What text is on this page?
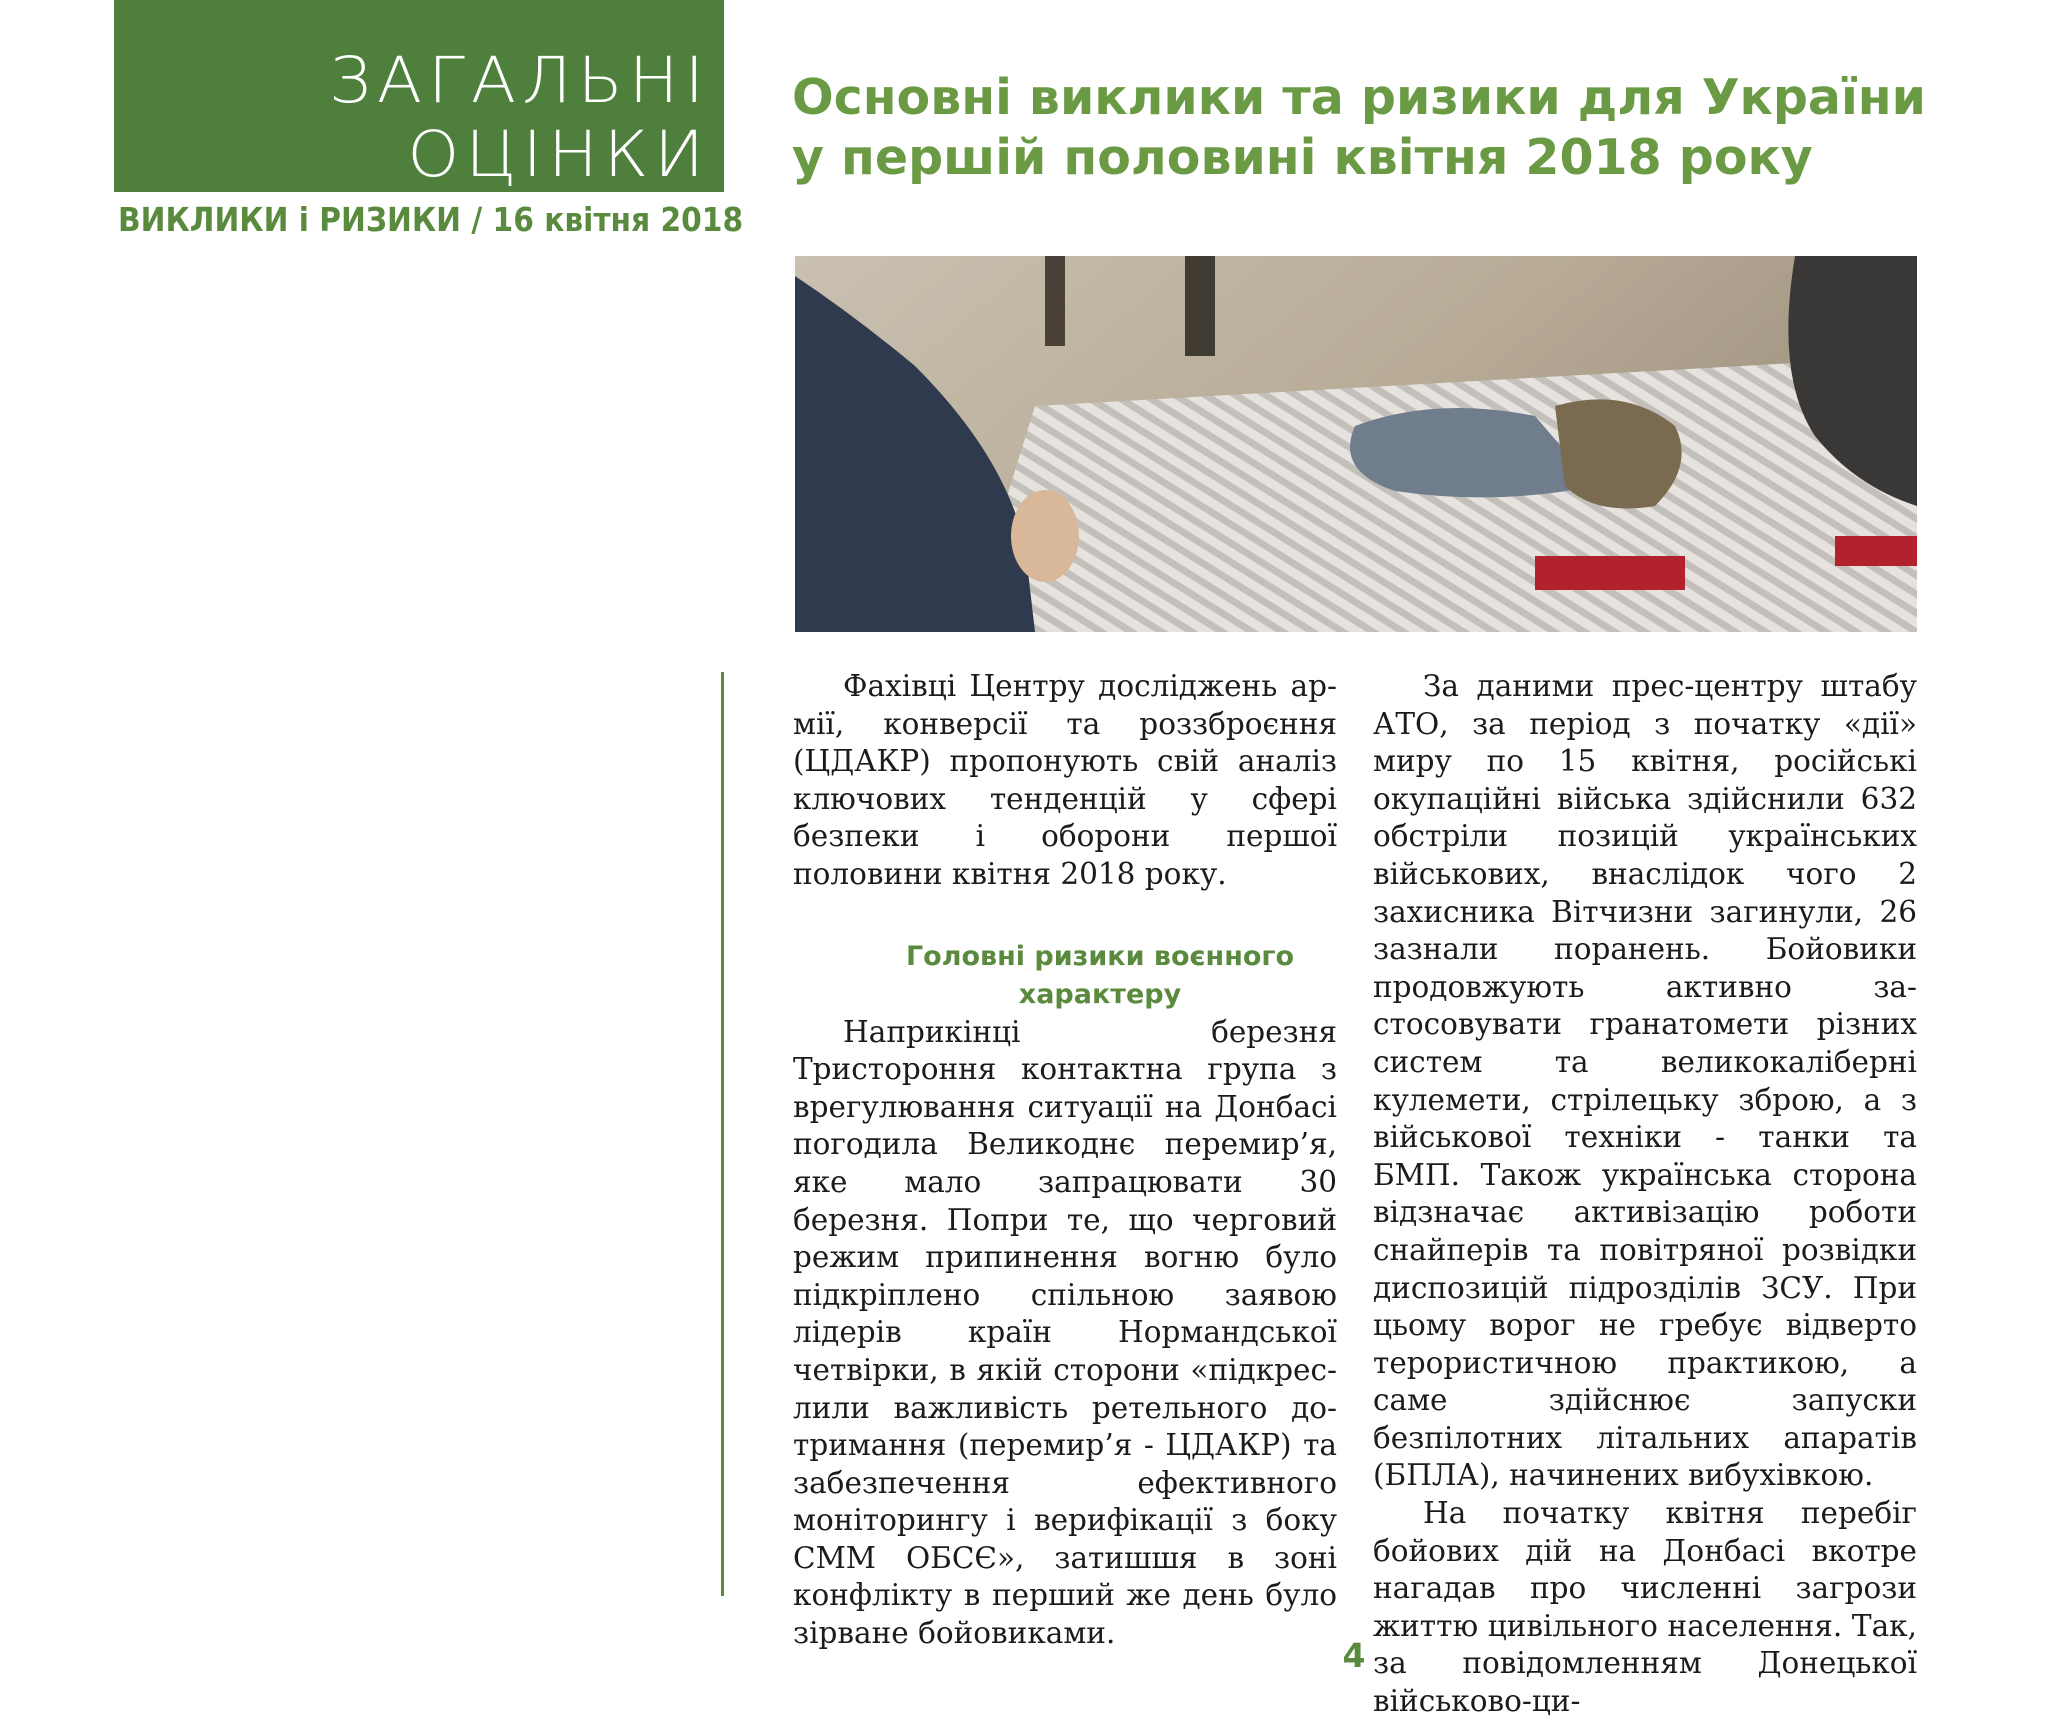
ЗАГАЛЬНІ
ОЦІНКИ
ВИКЛИКИ і РИЗИКИ / 16 квітня 2018
Основні виклики та ризики для України у першій половині квітня 2018 року

Фахівці Центру досліджень армії, конверсії та роззброєння (ЦДАКР) пропонують свій аналіз ключових тенденцій у сфері безпеки і оборони першої половини квітня 2018 року.

Головні ризики воєнного характеру

Наприкінці березня Тристороння контактна група з врегулювання ситуації на Донбасі погодила Великоднє перемир’я, яке мало запрацювати 30 березня. Попри те, що черговий режим припинення вогню було підкріплено спільною заявою лідерів країн Нормандської четвірки, в якій сторони «підкреслили важливість ретельного дотримання (перемир’я - ЦДАКР) та забезпечення ефективного моніторингу і верифікації з боку СММ ОБСЄ», затишшя в зоні конфлікту в перший же день було зірване бойовиками.

За даними прес-центру штабу АТО, за період з початку «дії» миру по 15 квітня, російські окупаційні війська здійснили 632 обстріли позицій українських військових, внаслідок чого 2 захисника Вітчизни загинули, 26 зазнали поранень. Бойовики продовжують активно застосовувати гранатомети різних систем та великокаліберні кулемети, стрілецьку зброю, а з військової техніки - танки та БМП. Також українська сторона відзначає активізацію роботи снайперів та повітряної розвідки диспозицій підрозділів ЗСУ. При цьому ворог не гребує відверто терористичною практикою, а саме здійснює запуски безпілотних літальних апаратів (БПЛА), начинених вибухівкою.

На початку квітня перебіг бойових дій на Донбасі вкотре нагадав про численні загрози життю цивільного населення. Так, за повідомленням Донецької військово-ци-

4
